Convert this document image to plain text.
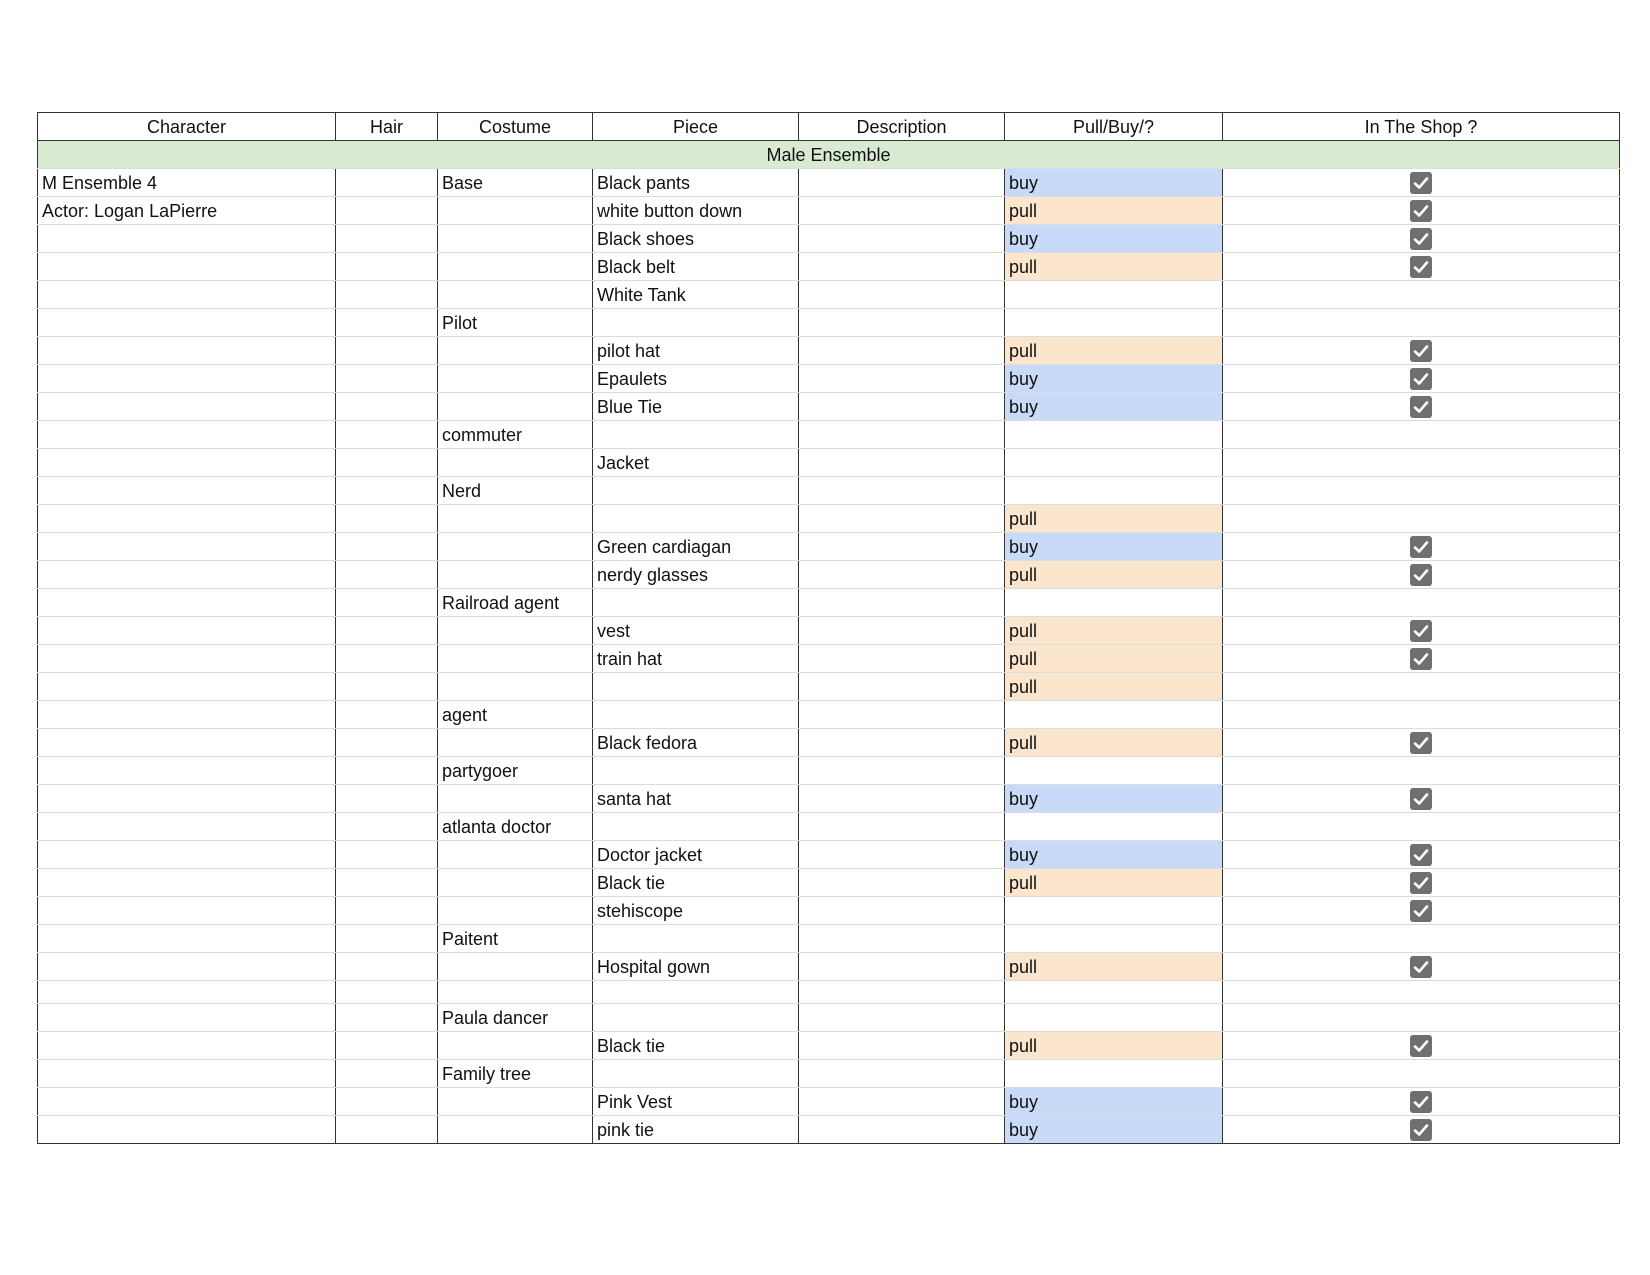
Character	Hair	Costume	Piece	Description	Pull/Buy/?	In The Shop ?
Male Ensemble						
M Ensemble 4		Base	Black pants		buy	

Actor: Logan LaPierre			white button down		pull	

			Black shoes		buy	

			Black belt		pull	

			White Tank			
		Pilot				
			pilot hat		pull	

			Epaulets		buy	

			Blue Tie		buy	

		commuter				
			Jacket			
		Nerd				
					pull	
			Green cardiagan		buy	

			nerdy glasses		pull	

		Railroad agent				
			vest		pull	

			train hat		pull	

					pull	
		agent				
			Black fedora		pull	

		partygoer				
			santa hat		buy	

		atlanta doctor				
			Doctor jacket		buy	

			Black tie		pull	

			stehiscope			

		Paitent				
			Hospital gown		pull	

		Paula dancer				
			Black tie		pull	

		Family tree				
			Pink Vest		buy	

			pink tie		buy	
